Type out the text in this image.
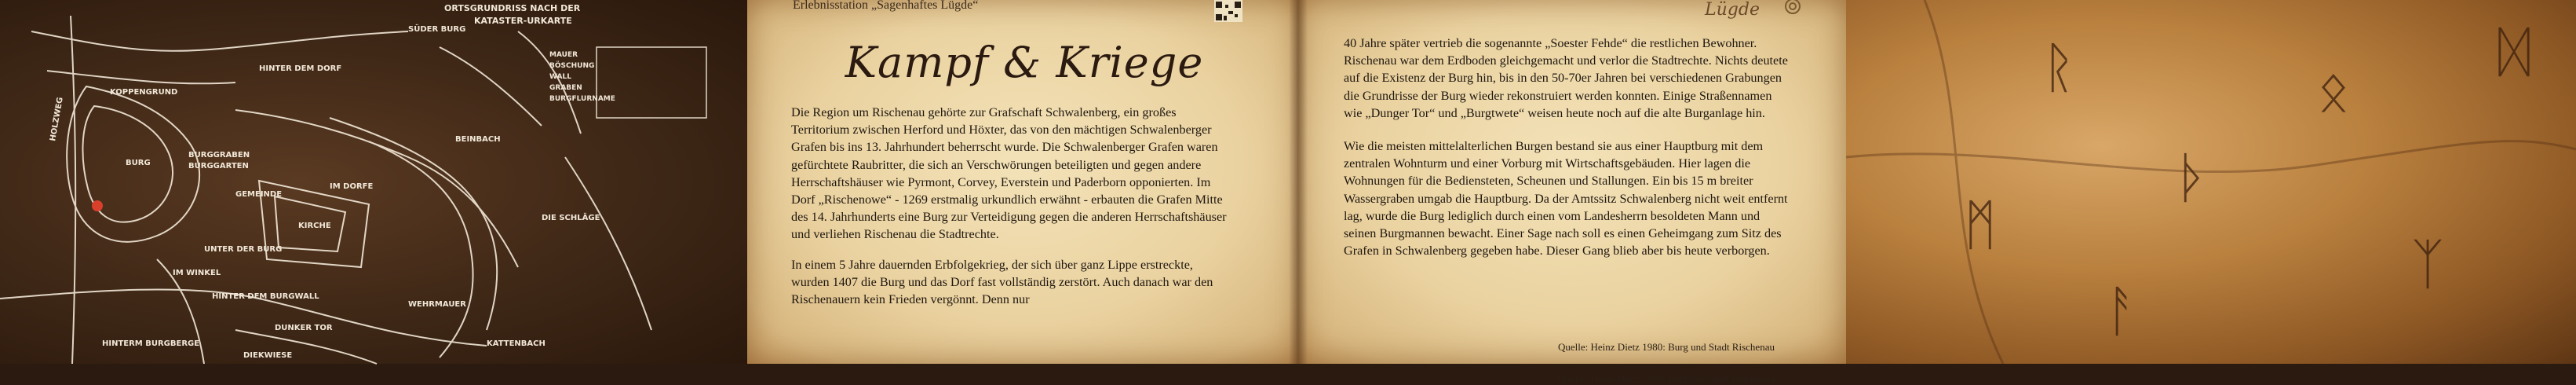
ORTSGRUNDRISS NACH DER
KATASTER-URKARTE
MAUER
BÖSCHUNG
WALL
GRABEN
BURGFLURNAME
BURGGRABEN
BURGGARTEN
BURG
KIRCHE
WEHRMAUER
SÜDER BURG
HINTER DEM DORF
IM DORFE
BEINBACH
DIE SCHLÄGE
HINTERM BURGBERGE
IM WINKEL
GEMEINDE
KOPPENGRUND
HINTER DEM BURGWALL
UNTER DER BURG
DUNKER TOR
DIEKWIESE
KATTENBACH
HOLZWEG
Erlebnisstation „Sagenhaftes Lügde“
Kampf & Kriege

Die Region um Rischenau gehörte zur Grafschaft Schwalenberg, ein großes Territorium zwischen Herford und Höxter, das von den mächtigen Schwalenberger Grafen bis ins 13. Jahrhundert beherrscht wurde. Die Schwalenberger Grafen waren gefürchtete Raubritter, die sich an Verschwörungen beteiligten und gegen andere Herrschaftshäuser wie Pyrmont, Corvey, Everstein und Paderborn opponierten. Im Dorf „Rischenowe“ - 1269 erstmalig urkundlich erwähnt - erbauten die Grafen Mitte des 14. Jahrhunderts eine Burg zur Verteidigung gegen die anderen Herrschaftshäuser und verliehen Rischenau die Stadtrechte.

In einem 5 Jahre dauernden Erbfolgekrieg, der sich über ganz Lippe erstreckte, wurden 1407 die Burg und das Dorf fast vollständig zerstört. Auch danach war den Rischenauern kein Frieden vergönnt. Denn nur

Lügde

40 Jahre später vertrieb die sogenannte „Soester Fehde“ die restlichen Bewohner. Rischenau war dem Erdboden gleichgemacht und verlor die Stadtrechte. Nichts deutete auf die Existenz der Burg hin, bis in den 50-70er Jahren bei verschiedenen Grabungen die Grundrisse der Burg wieder rekonstruiert werden konnten. Einige Straßennamen wie „Dunger Tor“ und „Burgtwete“ weisen heute noch auf die alte Burganlage hin.

Wie die meisten mittelalterlichen Burgen bestand sie aus einer Hauptburg mit dem zentralen Wohnturm und einer Vorburg mit Wirtschaftsgebäuden. Hier lagen die Wohnungen für die Bediensteten, Scheunen und Stallungen. Ein bis 15 m breiter Wassergraben umgab die Hauptburg. Da der Amtssitz Schwalenberg nicht weit entfernt lag, wurde die Burg lediglich durch einen vom Landesherrn besoldeten Mann und seinen Burgmannen bewacht. Einer Sage nach soll es einen Geheimgang zum Sitz des Grafen in Schwalenberg gegeben habe. Dieser Gang blieb aber bis heute verborgen.

Quelle: Heinz Dietz 1980: Burg und Stadt Rischenau
Quelle: Heinz Dietz 1980: Burg und Stadt Rischenau
ᚱ
ᛗ
ᚦ
ᛟ
ᛉ
ᚨ
ᛞ
